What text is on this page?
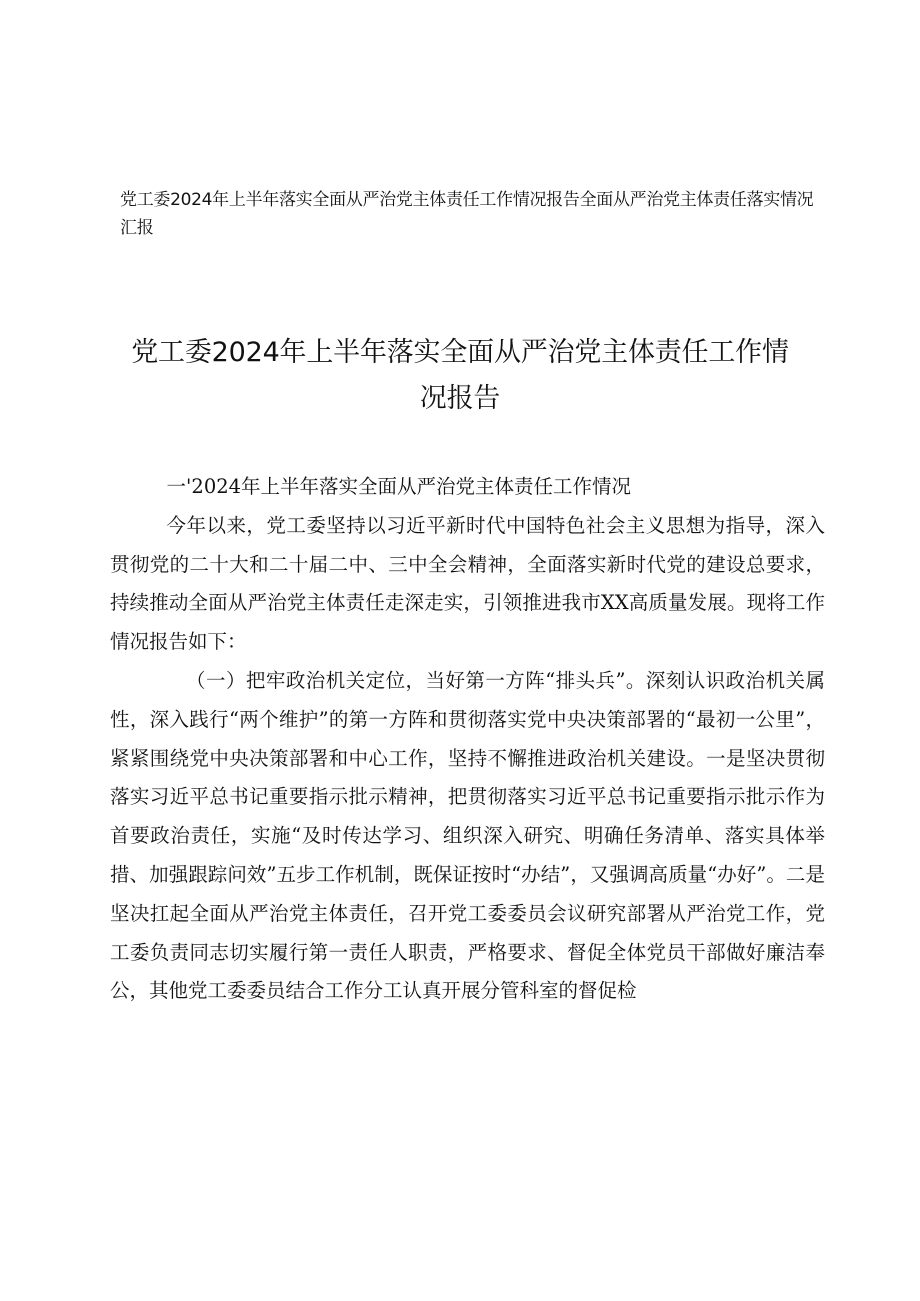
党工委2024年上半年落实全面从严治党主体责任工作情况报告全面从严治党主体责任落实情况汇报
党工委2024年上半年落实全面从严治党主体责任工作情况报告

一'2024年上半年落实全面从严治党主体责任工作情况

今年以来，党工委坚持以习近平新时代中国特色社会主义思想为指导，深入贯彻党的二十大和二十届二中、三中全会精神，全面落实新时代党的建设总要求，持续推动全面从严治党主体责任走深走实，引领推进我市XX高质量发展。现将工作情况报告如下：

（一）把牢政治机关定位，当好第一方阵“排头兵”。深刻认识政治机关属性，深入践行“两个维护”的第一方阵和贯彻落实党中央决策部署的“最初一公里”，紧紧围绕党中央决策部署和中心工作，坚持不懈推进政治机关建设。一是坚决贯彻落实习近平总书记重要指示批示精神，把贯彻落实习近平总书记重要指示批示作为首要政治责任，实施“及时传达学习、组织深入研究、明确任务清单、落实具体举措、加强跟踪问效”五步工作机制，既保证按时“办结”，又强调高质量“办好”。二是坚决扛起全面从严治党主体责任，召开党工委委员会议研究部署从严治党工作，党工委负责同志切实履行第一责任人职责，严格要求、督促全体党员干部做好廉洁奉公，其他党工委委员结合工作分工认真开展分管科室的督促检
